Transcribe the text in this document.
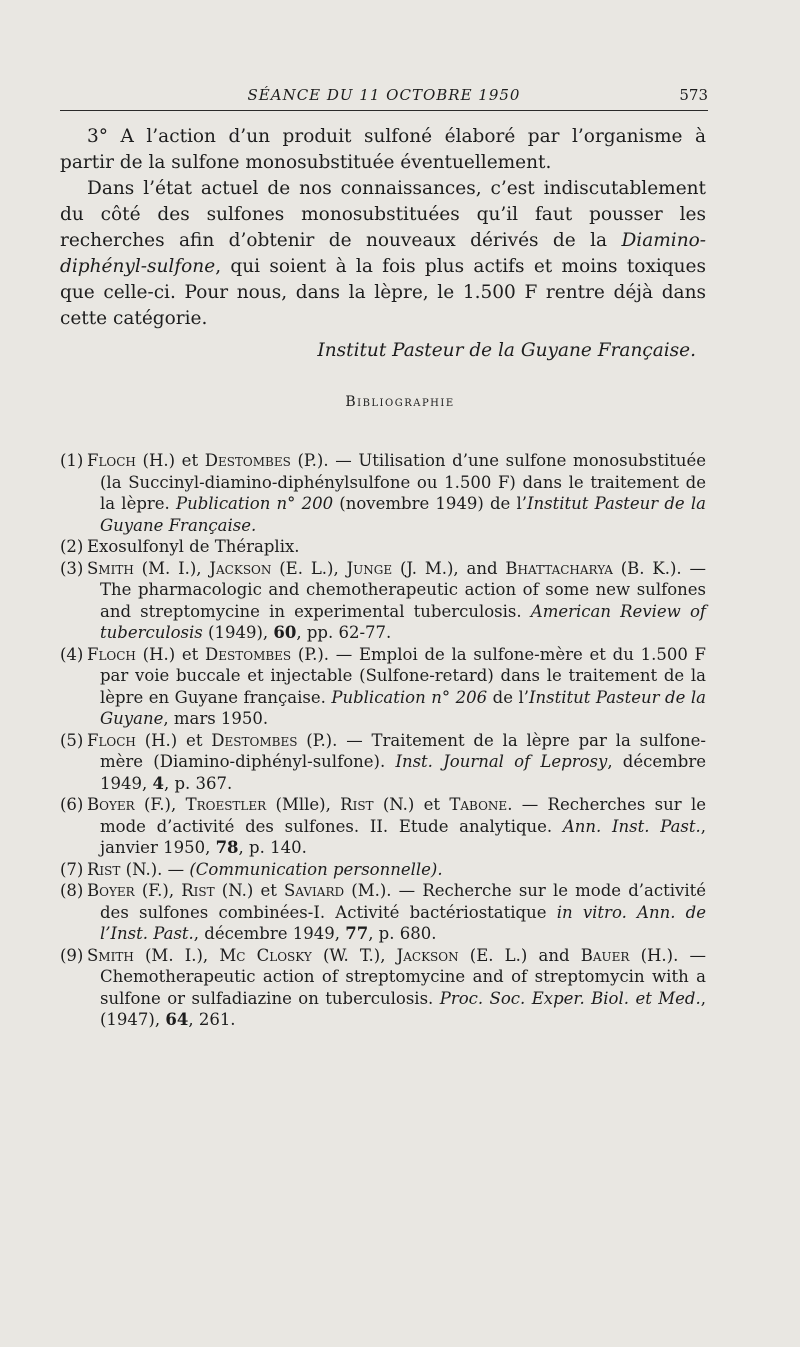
SÉANCE DU 11 OCTOBRE 1950	573

3° A l’action d’un produit sulfoné élaboré par l’organisme à partir de la sulfone monosubstituée éventuellement.

Dans l’état actuel de nos connaissances, c’est indiscutablement du côté des sulfones monosubstituées qu’il faut pousser les recherches afin d’obtenir de nouveaux dérivés de la Diamino-diphényl-sulfone, qui soient à la fois plus actifs et moins toxiques que celle-ci. Pour nous, dans la lèpre, le 1.500 F rentre déjà dans cette catégorie.

Institut Pasteur de la Guyane Française.

Bibliographie

(1) Floch (H.) et Destombes (P.). — Utilisation d’une sulfone monosubstituée (la Succinyl-diamino-diphénylsulfone ou 1.500 F) dans le traitement de la lèpre. Publication n° 200 (novembre 1949) de l’Institut Pasteur de la Guyane Française.

(2) Exosulfonyl de Théraplix.

(3) Smith (M. I.), Jackson (E. L.), Junge (J. M.), and Bhattacharya (B. K.). — The pharmacologic and chemotherapeutic action of some new sulfones and streptomycine in experimental tuberculosis. American Review of tuberculosis (1949), 60, pp. 62-77.

(4) Floch (H.) et Destombes (P.). — Emploi de la sulfone-mère et du 1.500 F par voie buccale et injectable (Sulfone-retard) dans le traitement de la lèpre en Guyane française. Publication n° 206 de l’Institut Pasteur de la Guyane, mars 1950.

(5) Floch (H.) et Destombes (P.). — Traitement de la lèpre par la sulfone-mère (Diamino-diphényl-sulfone). Inst. Journal of Leprosy, décembre 1949, 4, p. 367.

(6) Boyer (F.), Troestler (Mlle), Rist (N.) et Tabone. — Recherches sur le mode d’activité des sulfones. II. Etude analytique. Ann. Inst. Past., janvier 1950, 78, p. 140.

(7) Rist (N.). — (Communication personnelle).

(8) Boyer (F.), Rist (N.) et Saviard (M.). — Recherche sur le mode d’activité des sulfones combinées-I. Activité bactériostatique in vitro. Ann. de l’Inst. Past., décembre 1949, 77, p. 680.

(9) Smith (M. I.), Mc Closky (W. T.), Jackson (E. L.) and Bauer (H.). — Chemotherapeutic action of streptomycine and of streptomycin with a sulfone or sulfadiazine on tuberculosis. Proc. Soc. Exper. Biol. et Med., (1947), 64, 261.
